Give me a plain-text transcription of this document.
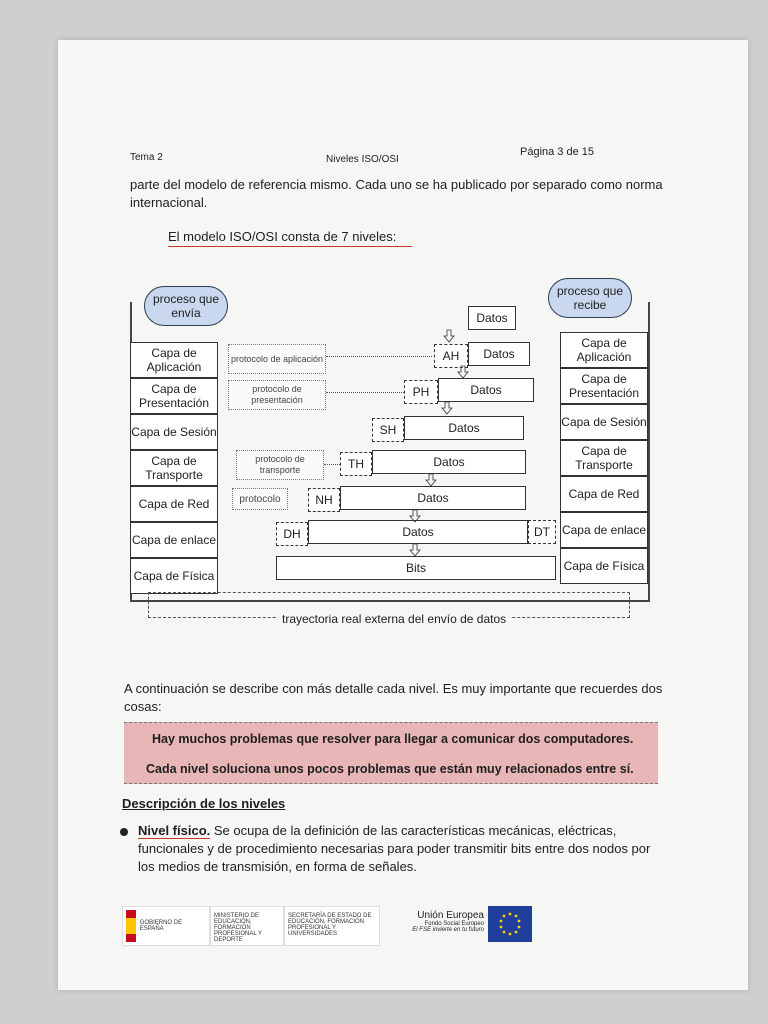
Tema 2	Niveles ISO/OSI
Página 3 de 15
parte del modelo de referencia mismo. Cada uno se ha publicado por separado como norma
internacional.
El modelo ISO/OSI consta de 7 niveles:
proceso que envía
proceso que recibe
Capa de Aplicación
Capa de Presentación
Capa de Sesión
Capa de Transporte
Capa de Red
Capa de enlace
Capa de Física
Capa de Aplicación
Capa de Presentación
Capa de Sesión
Capa de Transporte
Capa de Red
Capa de enlace
Capa de Física
protocolo de aplicación
protocolo de presentación
protocolo de transporte
protocolo
Datos
AH	Datos
PH	Datos
SH	Datos
TH	Datos
NH	Datos
DH	Datos	DT
Bits
trayectoria real externa del envío de datos
A continuación se describe con más detalle cada nivel. Es muy importante que recuerdes dos
cosas:
Hay muchos problemas que resolver para llegar a comunicar dos computadores.
Cada nivel soluciona unos pocos problemas que están muy relacionados entre sí.
Descripción de los niveles
Nivel físico. Se ocupa de la definición de las características mecánicas, eléctricas,
funcionales y de procedimiento necesarias para poder transmitir bits entre dos nodos por
los medios de transmisión, en forma de señales.
GOBIERNO DE ESPAÑA
MINISTERIO DE EDUCACIÓN, FORMACIÓN PROFESIONAL Y DEPORTE
SECRETARÍA DE ESTADO DE EDUCACIÓN, FORMACIÓN PROFESIONAL Y UNIVERSIDADES
Unión Europea
Fondo Social Europeo
El FSE invierte en tu futuro
